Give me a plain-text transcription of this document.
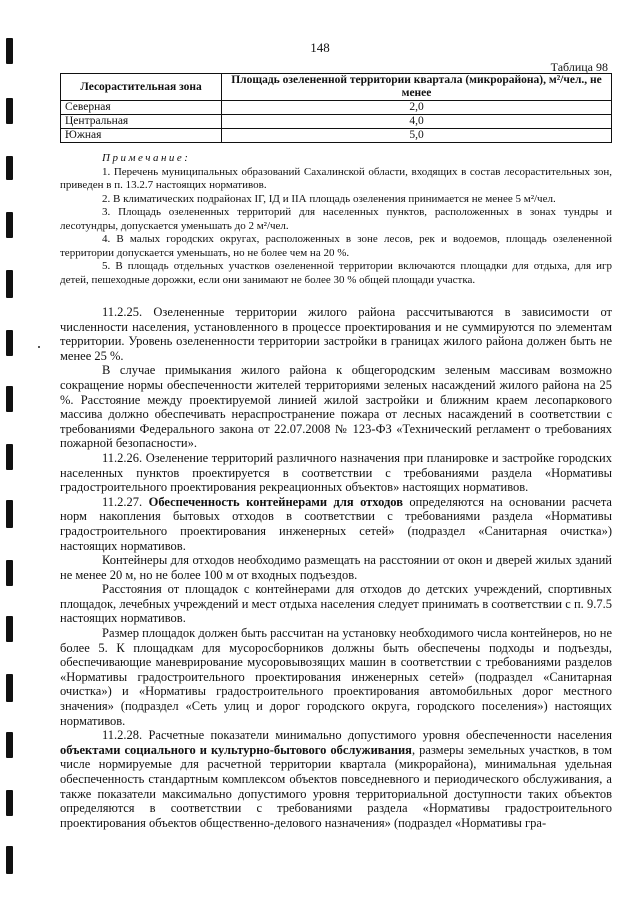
148
Таблица 98
Лесорастительная зона	Площадь озелененной территории квартала (микрорайона), м²/чел., не менее
Северная	2,0
Центральная	4,0
Южная	5,0
Примечание:

1. Перечень муниципальных образований Сахалинской области, входящих в состав лесорастительных зон, приведен в п. 13.2.7 настоящих нормативов.

2. В климатических подрайонах IГ, IД и IIА площадь озеленения принимается не менее 5 м²/чел.

3. Площадь озелененных территорий для населенных пунктов, расположенных в зонах тундры и лесотундры, допускается уменьшать до 2 м²/чел.

4. В малых городских округах, расположенных в зоне лесов, рек и водоемов, площадь озелененной территории допускается уменьшать, но не более чем на 20 %.

5. В площадь отдельных участков озелененной территории включаются площадки для отдыха, для игр детей, пешеходные дорожки, если они занимают не более 30 % общей площади участка.

11.2.25. Озелененные территории жилого района рассчитываются в зависимости от численности населения, установленного в процессе проектирования и не суммируются по элементам территории. Уровень озелененности территории застройки в границах жилого района должен быть не менее 25 %.

В случае примыкания жилого района к общегородским зеленым массивам возможно сокращение нормы обеспеченности жителей территориями зеленых насаждений жилого района на 25 %. Расстояние между проектируемой линией жилой застройки и ближним краем лесопаркового массива должно обеспечивать нераспространение пожара от лесных насаждений в соответствии с требованиями Федерального закона от 22.07.2008 № 123-ФЗ «Технический регламент о требованиях пожарной безопасности».

11.2.26. Озеленение территорий различного назначения при планировке и застройке городских населенных пунктов проектируется в соответствии с требованиями раздела «Нормативы градостроительного проектирования рекреационных объектов» настоящих нормативов.

11.2.27. Обеспеченность контейнерами для отходов определяются на основании расчета норм накопления бытовых отходов в соответствии с требованиями раздела «Нормативы градостроительного проектирования инженерных сетей» (подраздел «Санитарная очистка») настоящих нормативов.

Контейнеры для отходов необходимо размещать на расстоянии от окон и дверей жилых зданий не менее 20 м, но не более 100 м от входных подъездов.

Расстояния от площадок с контейнерами для отходов до детских учреждений, спортивных площадок, лечебных учреждений и мест отдыха населения следует принимать в соответствии с п. 9.7.5 настоящих нормативов.

Размер площадок должен быть рассчитан на установку необходимого числа контейнеров, но не более 5. К площадкам для мусоросборников должны быть обеспечены подходы и подъезды, обеспечивающие маневрирование мусоровывозящих машин в соответствии с требованиями разделов «Нормативы градостроительного проектирования инженерных сетей» (подраздел «Санитарная очистка») и «Нормативы градостроительного проектирования автомобильных дорог местного значения» (подраздел «Сеть улиц и дорог городского округа, городского поселения») настоящих нормативов.

11.2.28. Расчетные показатели минимально допустимого уровня обеспеченности населения объектами социального и культурно-бытового обслуживания, размеры земельных участков, в том числе нормируемые для расчетной территории квартала (микрорайона), минимальная удельная обеспеченность стандартным комплексом объектов повседневного и периодического обслуживания, а также показатели максимально допустимого уровня территориальной доступности таких объектов определяются в соответствии с требованиями раздела «Нормативы градостроительного проектирования объектов общественно-делового назначения» (подраздел «Нормативы гра-
